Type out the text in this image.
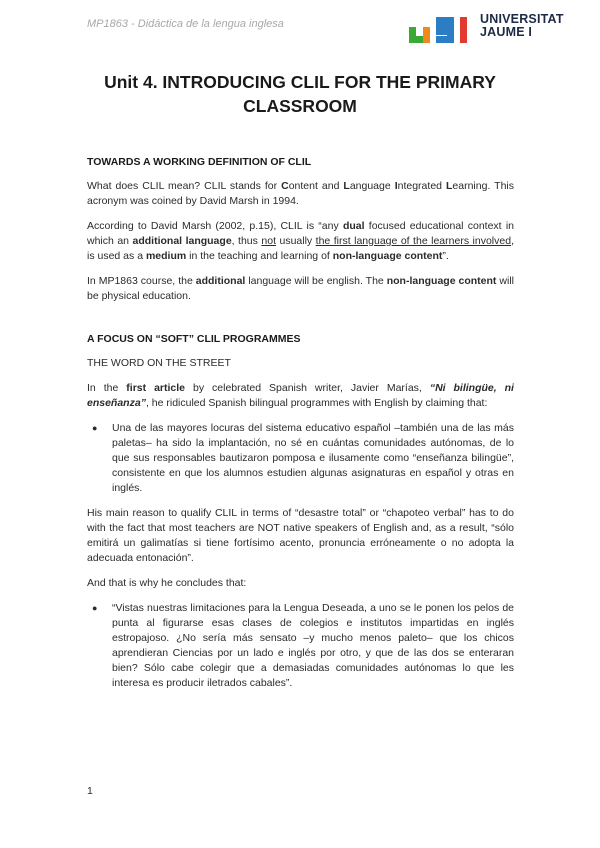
MP1863 - Didáctica de la lengua inglesa	UNIVERSITAT
JAUME I
Unit 4. INTRODUCING CLIL FOR THE PRIMARY
CLASSROOM
TOWARDS A WORKING DEFINITION OF CLIL

What does CLIL mean? CLIL stands for Content and Language Integrated Learning. This acronym was coined by David Marsh in 1994.

According to David Marsh (2002, p.15), CLIL is “any dual focused educational context in which an additional language, thus not usually the first language of the learners involved, is used as a medium in the teaching and learning of non-language content”.

In MP1863 course, the additional language will be english. The non-language content will be physical education.

A FOCUS ON “SOFT” CLIL PROGRAMMES
THE WORD ON THE STREET

In the first article by celebrated Spanish writer, Javier Marías, “Ni bilingüe, ni enseñanza”, he ridiculed Spanish bilingual programmes with English by claiming that:

● Una de las mayores locuras del sistema educativo español –también una de las más paletas– ha sido la implantación, no sé en cuántas comunidades autónomas, de lo que sus responsables bautizaron pomposa e ilusamente como “enseñanza bilingüe”, consistente en que los alumnos estudien algunas asignaturas en español y otras en inglés.

His main reason to qualify CLIL in terms of “desastre total” or “chapoteo verbal” has to do with the fact that most teachers are NOT native speakers of English and, as a result, “sólo emitirá un galimatías si tiene fortísimo acento, pronuncia erróneamente o no adopta la adecuada entonación”.

And that is why he concludes that:

● “Vistas nuestras limitaciones para la Lengua Deseada, a uno se le ponen los pelos de punta al figurarse esas clases de colegios e institutos impartidas en inglés estropajoso. ¿No sería más sensato –y mucho menos paleto– que los chicos aprendieran Ciencias por un lado e inglés por otro, y que de las dos se enteraran bien? Sólo cabe colegir que a demasiadas comunidades autónomas lo que les interesa es producir iletrados cabales”.
1
